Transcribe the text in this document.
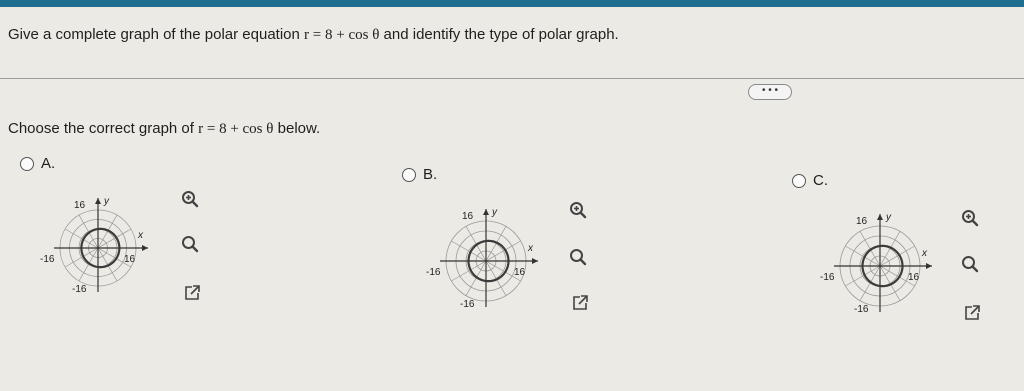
Give a complete graph of the polar equation r = 8 + cos θ and identify the type of polar graph.
• • •
Choose the correct graph of r = 8 + cos θ below.
A.
16
-16	16
-16
x
y
B.
16
-16	16
-16
x
y
C.
16
-16	16
-16
x
y
